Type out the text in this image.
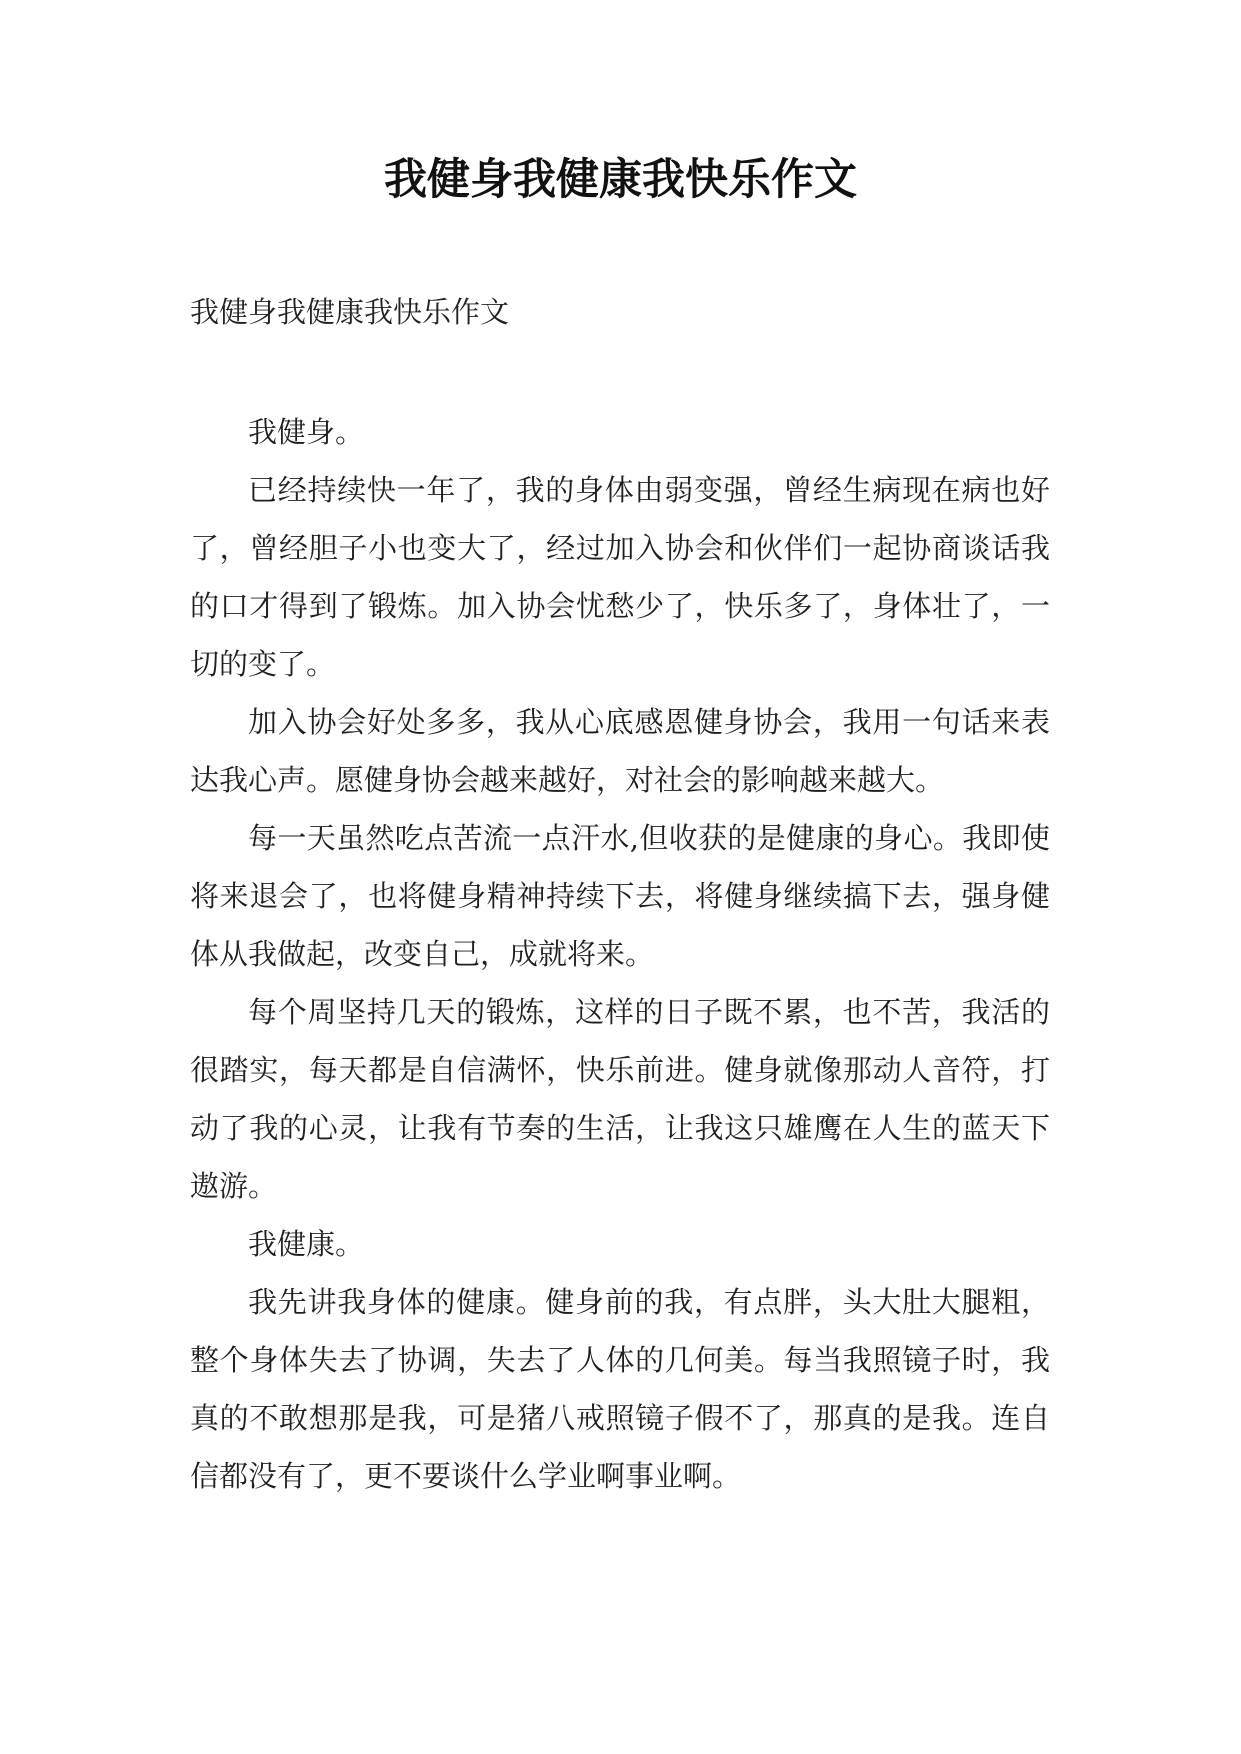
我健身我健康我快乐作文

我健身我健康我快乐作文

我健身。

已经持续快一年了，我的身体由弱变强，曾经生病现在病也好了，曾经胆子小也变大了，经过加入协会和伙伴们一起协商谈话我的口才得到了锻炼。加入协会忧愁少了，快乐多了，身体壮了，一切的变了。

加入协会好处多多，我从心底感恩健身协会，我用一句话来表达我心声。愿健身协会越来越好，对社会的影响越来越大。

每一天虽然吃点苦流一点汗水,但收获的是健康的身心。我即使将来退会了，也将健身精神持续下去，将健身继续搞下去，强身健体从我做起，改变自己，成就将来。

每个周坚持几天的锻炼，这样的日子既不累，也不苦，我活的很踏实，每天都是自信满怀，快乐前进。健身就像那动人音符，打动了我的心灵，让我有节奏的生活，让我这只雄鹰在人生的蓝天下遨游。

我健康。

我先讲我身体的健康。健身前的我，有点胖，头大肚大腿粗，整个身体失去了协调，失去了人体的几何美。每当我照镜子时，我真的不敢想那是我，可是猪八戒照镜子假不了，那真的是我。连自信都没有了，更不要谈什么学业啊事业啊。
